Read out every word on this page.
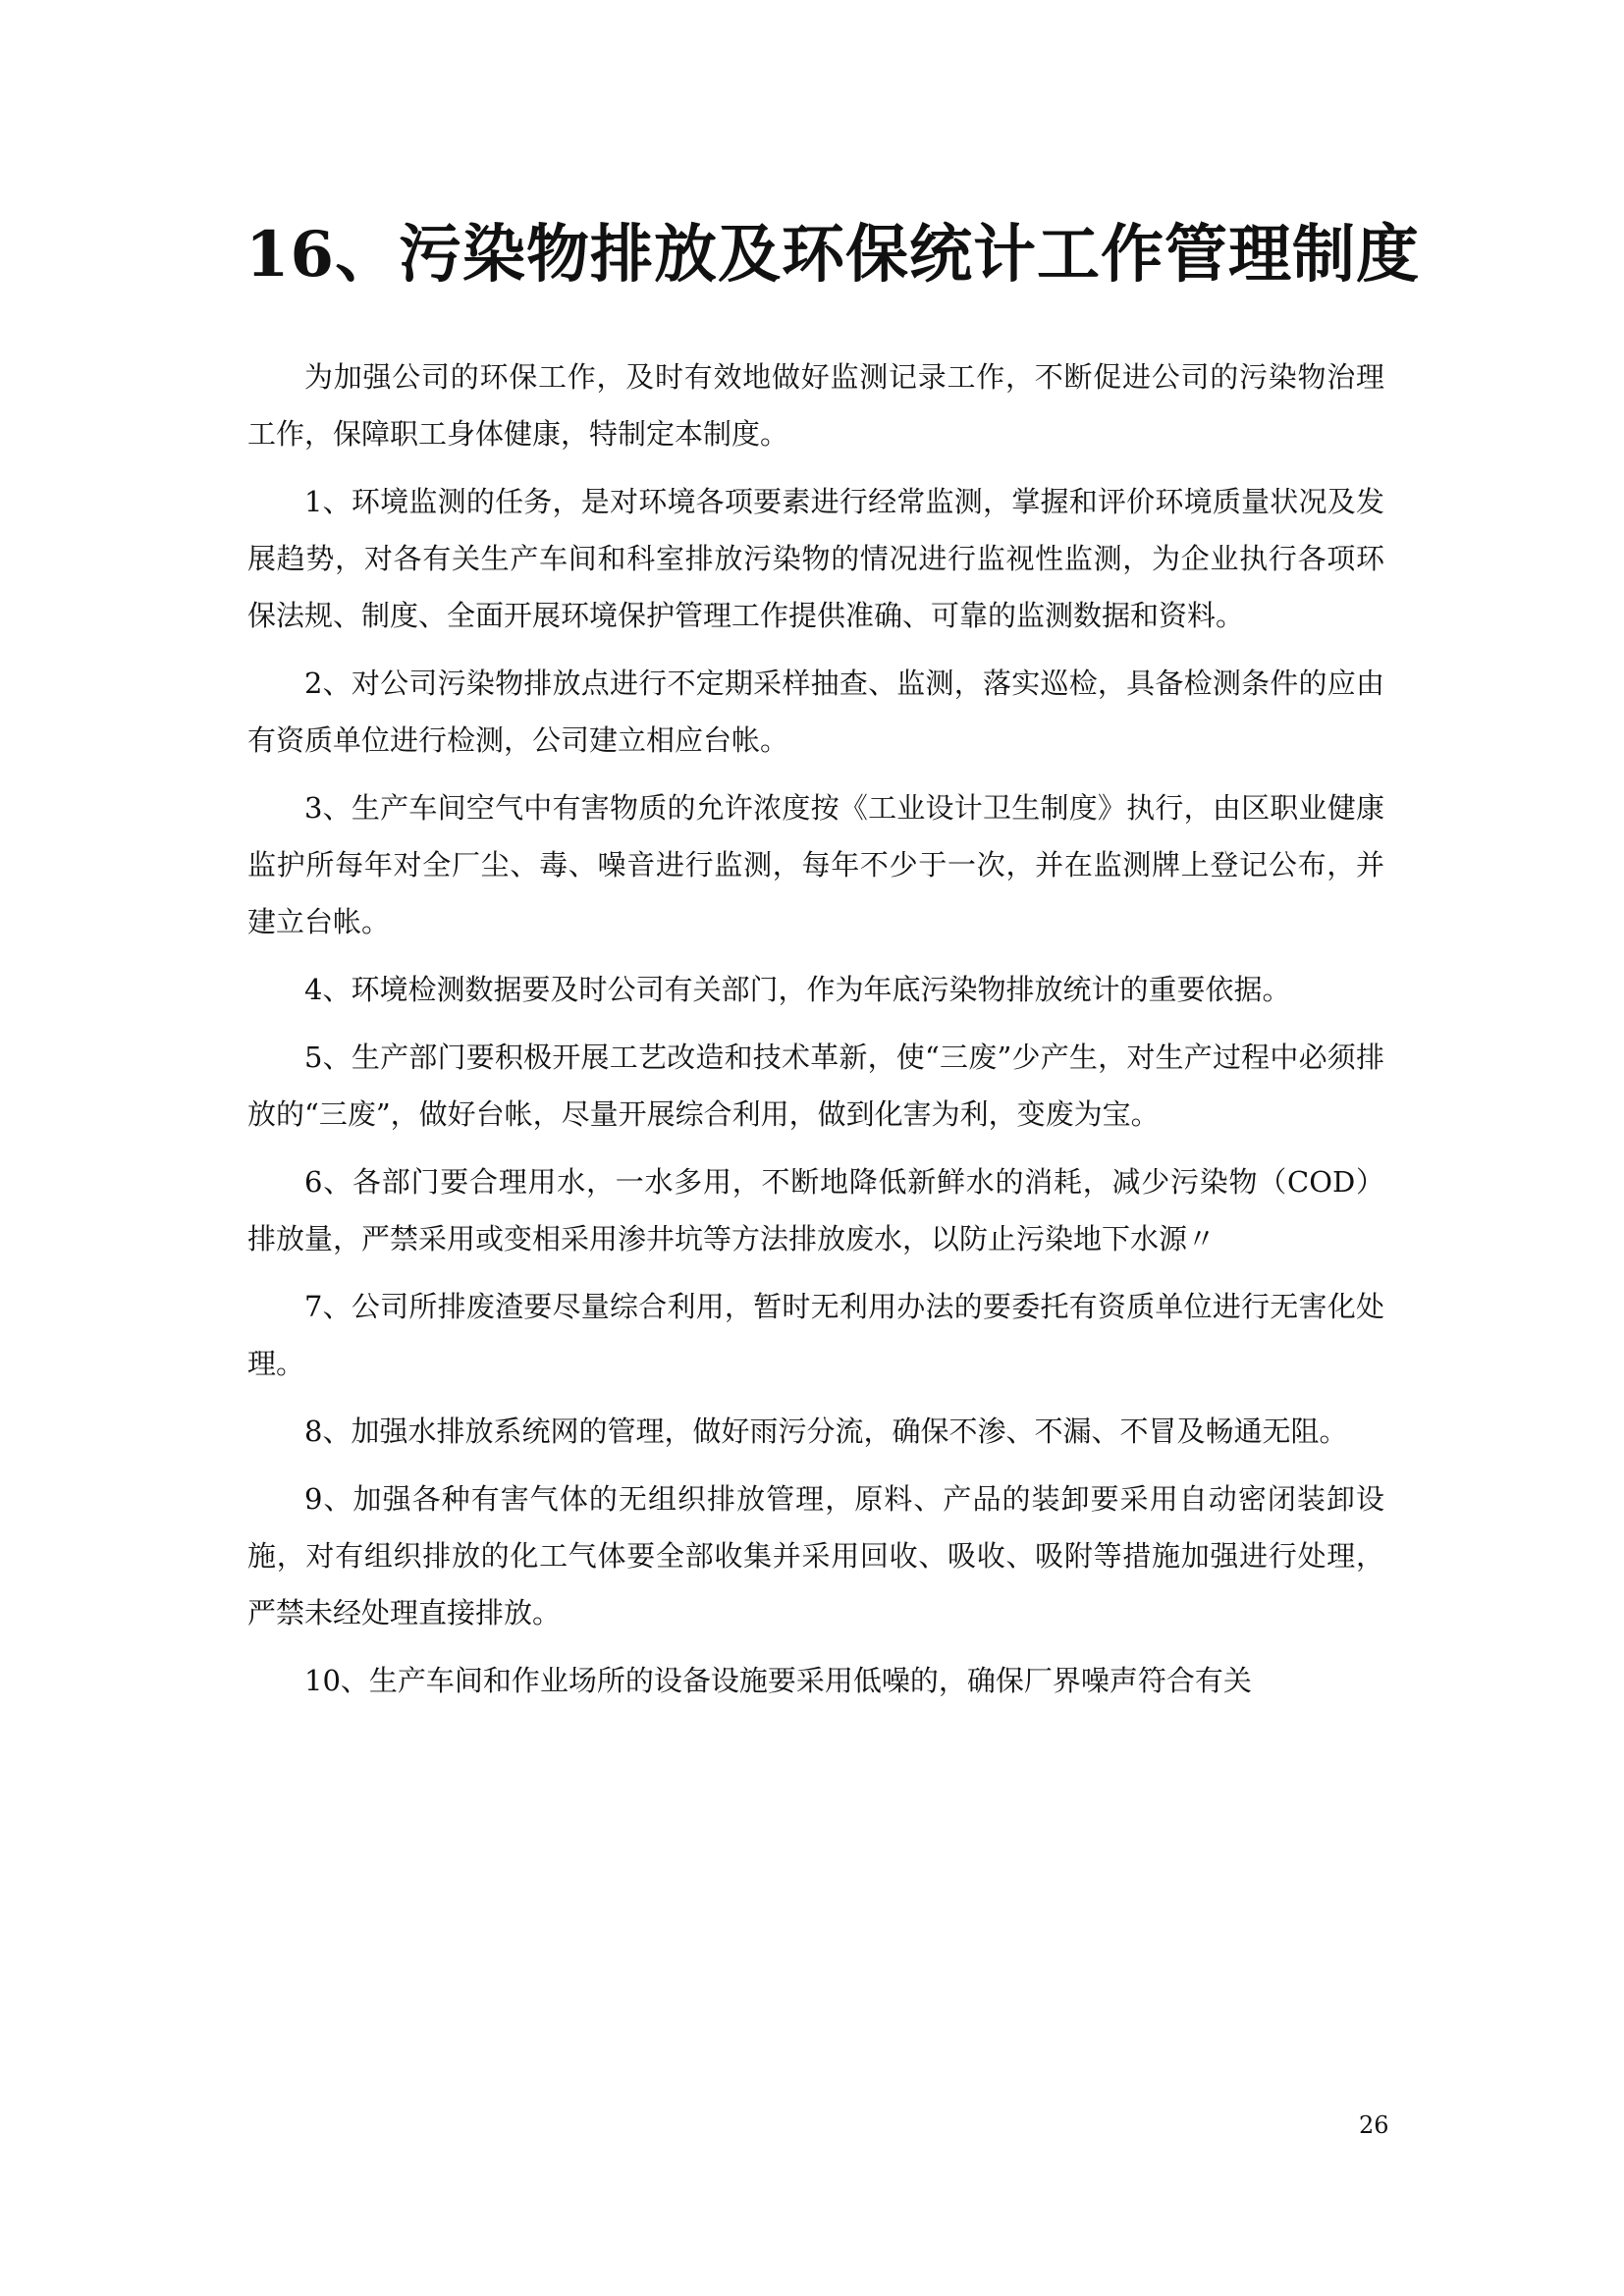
16、污染物排放及环保统计工作管理制度

为加强公司的环保工作，及时有效地做好监测记录工作，不断促进公司的污染物治理工作，保障职工身体健康，特制定本制度。

1、环境监测的任务，是对环境各项要素进行经常监测，掌握和评价环境质量状况及发展趋势，对各有关生产车间和科室排放污染物的情况进行监视性监测，为企业执行各项环保法规、制度、全面开展环境保护管理工作提供准确、可靠的监测数据和资料。

2、对公司污染物排放点进行不定期采样抽查、监测，落实巡检，具备检测条件的应由有资质单位进行检测，公司建立相应台帐。

3、生产车间空气中有害物质的允许浓度按《工业设计卫生制度》执行，由区职业健康监护所每年对全厂尘、毒、噪音进行监测，每年不少于一次，并在监测牌上登记公布，并建立台帐。

4、环境检测数据要及时公司有关部门，作为年底污染物排放统计的重要依据。

5、生产部门要积极开展工艺改造和技术革新，使“三废”少产生，对生产过程中必须排放的“三废”，做好台帐，尽量开展综合利用，做到化害为利，变废为宝。

6、各部门要合理用水，一水多用，不断地降低新鲜水的消耗，减少污染物（COD）排放量，严禁采用或变相采用渗井坑等方法排放废水，以防止污染地下水源〃

7、公司所排废渣要尽量综合利用，暂时无利用办法的要委托有资质单位进行无害化处理。

8、加强水排放系统网的管理，做好雨污分流，确保不渗、不漏、不冒及畅通无阻。

9、加强各种有害气体的无组织排放管理，原料、产品的装卸要采用自动密闭装卸设施，对有组织排放的化工气体要全部收集并采用回收、吸收、吸附等措施加强进行处理，严禁未经处理直接排放。

10、生产车间和作业场所的设备设施要采用低噪的，确保厂界噪声符合有关

26
